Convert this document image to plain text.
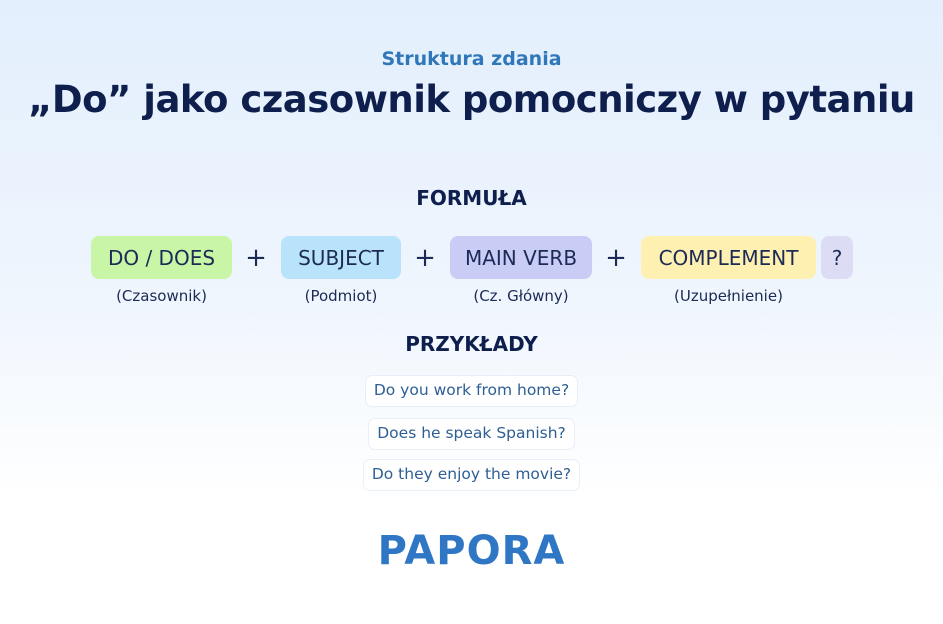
Struktura zdania
„Do” jako czasownik pomocniczy w pytaniu
FORMUŁA
DO / DOES	+	SUBJECT	+	MAIN VERB	+	COMPLEMENT	?
(Czasownik)	(Podmiot)	(Cz. Główny)	(Uzupełnienie)
PRZYKŁADY
Do you work from home?
Does he speak Spanish?
Do they enjoy the movie?
PAPORA
